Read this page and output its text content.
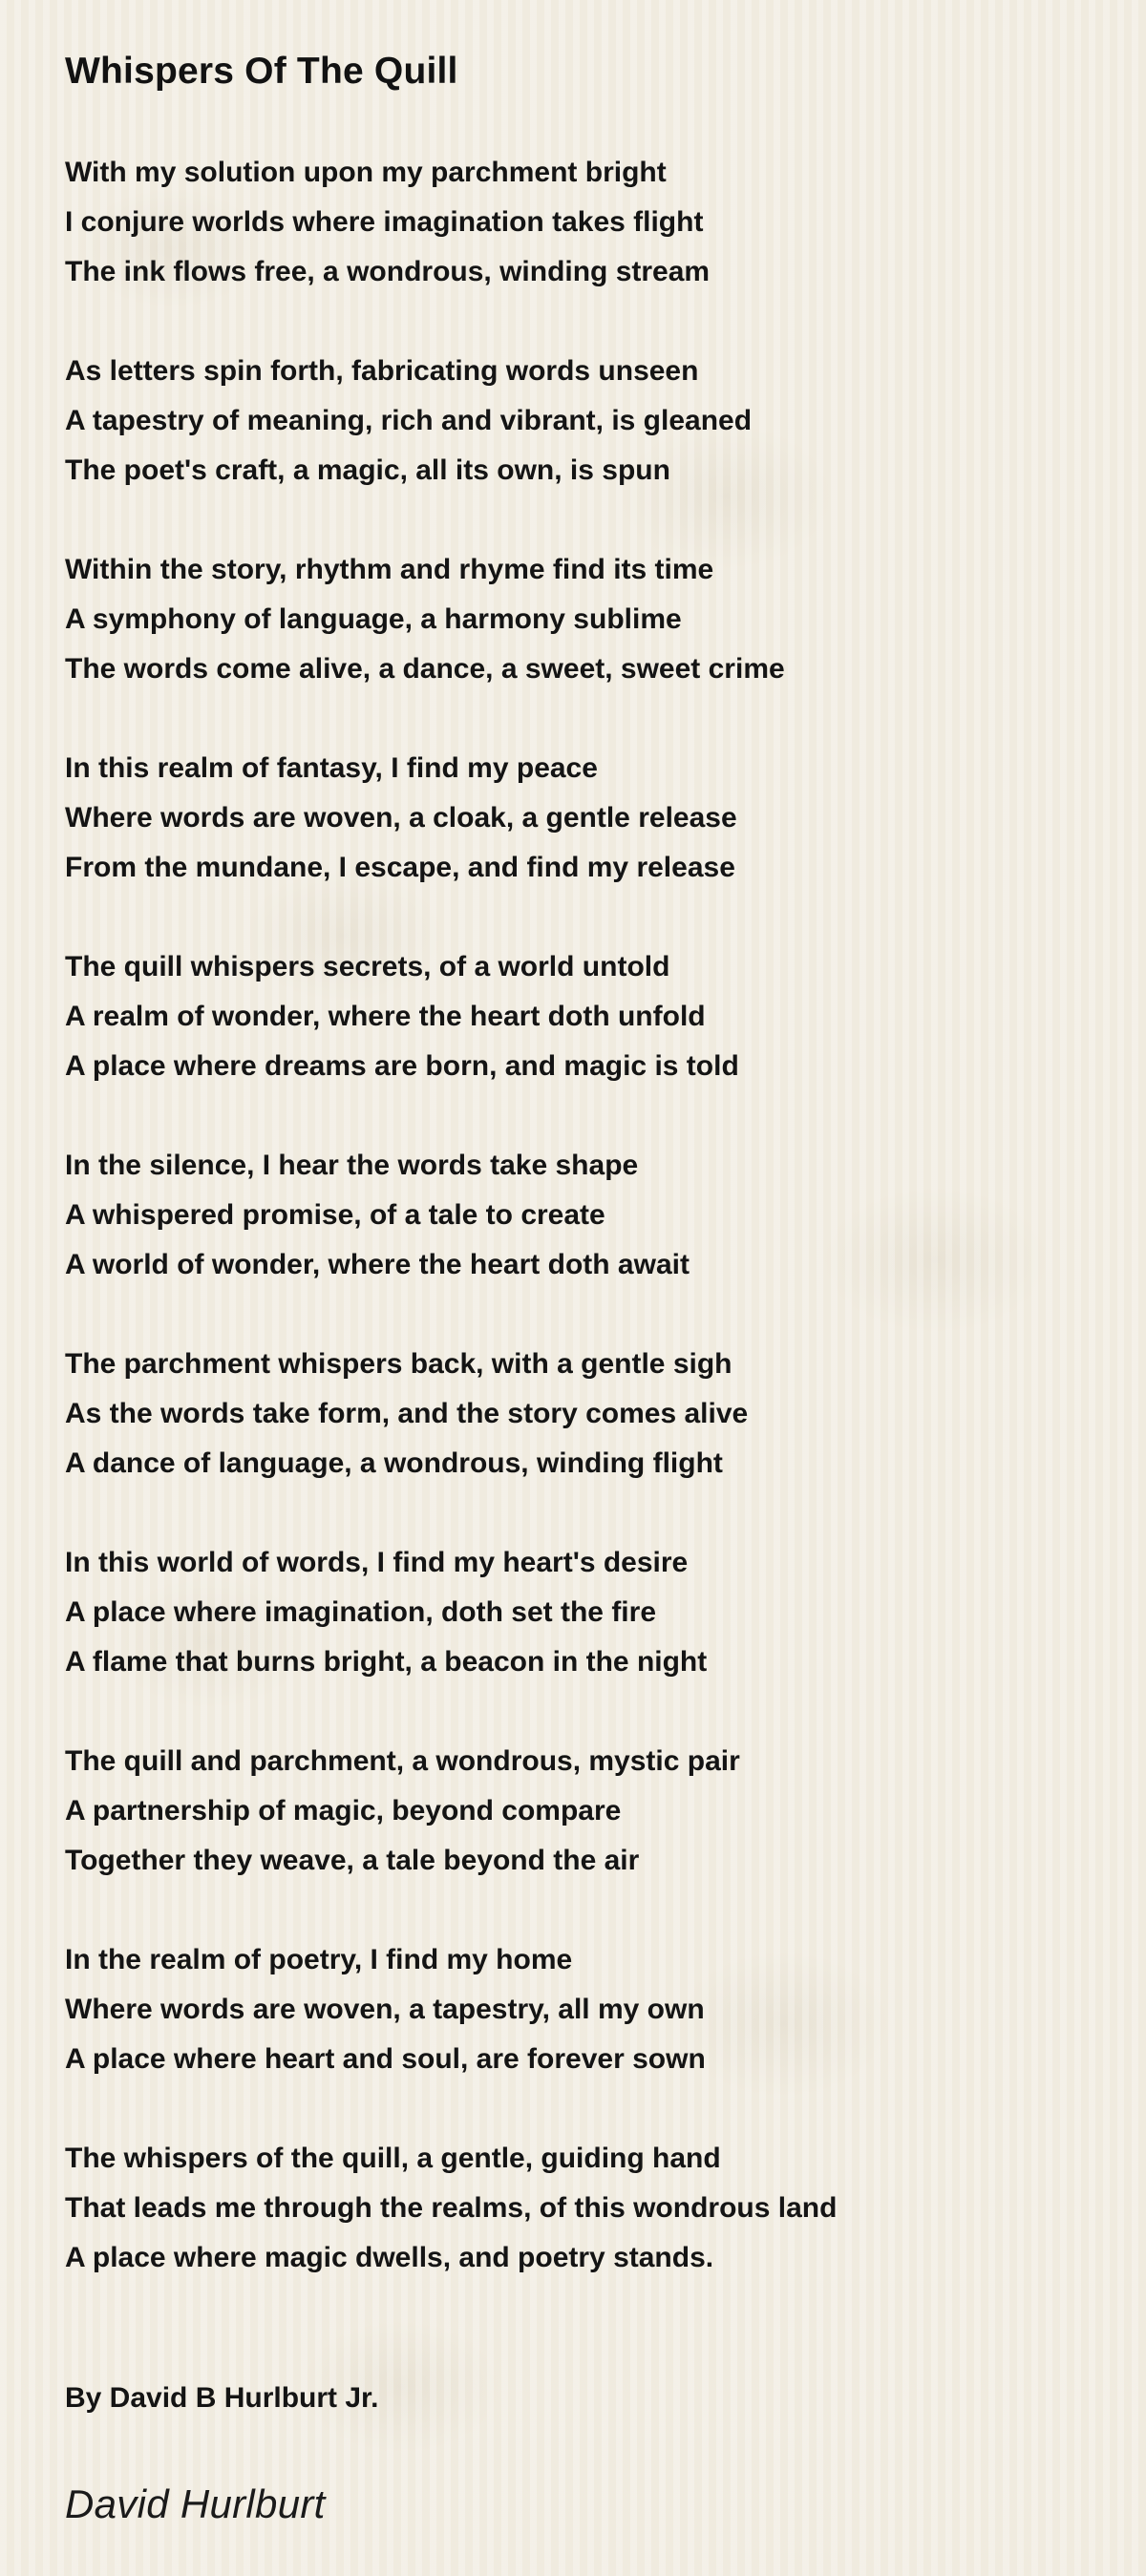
Whispers Of The Quill
With my solution upon my parchment bright
I conjure worlds where imagination takes flight
The ink flows free, a wondrous, winding stream
As letters spin forth, fabricating words unseen
A tapestry of meaning, rich and vibrant, is gleaned
The poet's craft, a magic, all its own, is spun
Within the story, rhythm and rhyme find its time
A symphony of language, a harmony sublime
The words come alive, a dance, a sweet, sweet crime
In this realm of fantasy, I find my peace
Where words are woven, a cloak, a gentle release
From the mundane, I escape, and find my release
The quill whispers secrets, of a world untold
A realm of wonder, where the heart doth unfold
A place where dreams are born, and magic is told
In the silence, I hear the words take shape
A whispered promise, of a tale to create
A world of wonder, where the heart doth await
The parchment whispers back, with a gentle sigh
As the words take form, and the story comes alive
A dance of language, a wondrous, winding flight
In this world of words, I find my heart's desire
A place where imagination, doth set the fire
A flame that burns bright, a beacon in the night
The quill and parchment, a wondrous, mystic pair
A partnership of magic, beyond compare
Together they weave, a tale beyond the air
In the realm of poetry, I find my home
Where words are woven, a tapestry, all my own
A place where heart and soul, are forever sown
The whispers of the quill, a gentle, guiding hand
That leads me through the realms, of this wondrous land
A place where magic dwells, and poetry stands.

By David B Hurlburt Jr.

David Hurlburt
